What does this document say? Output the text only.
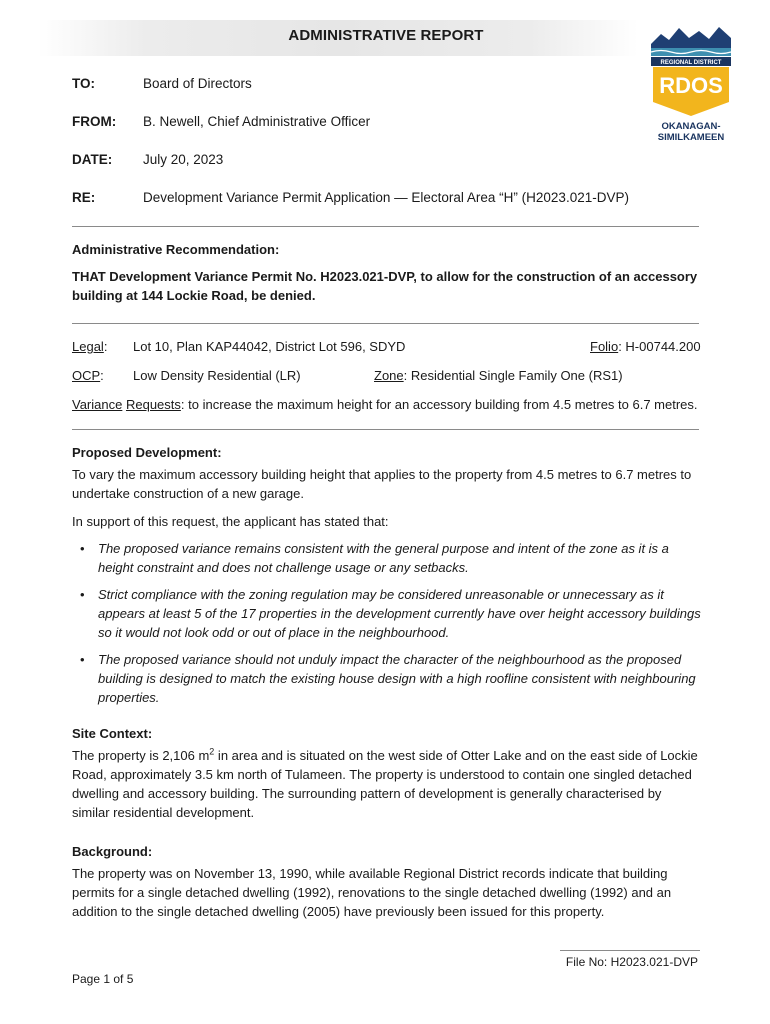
ADMINISTRATIVE REPORT
REGIONAL DISTRICT
RDOS
OKANAGAN-
SIMILKAMEEN
TO:	Board of Directors
FROM: B. Newell, Chief Administrative Officer
DATE: July 20, 2023
RE:	Development Variance Permit Application — Electoral Area “H” (H2023.021-DVP)
Administrative Recommendation:
THAT Development Variance Permit No. H2023.021-DVP, to allow for the construction of an accessory building at 144 Lockie Road, be denied.
Legal: Lot 10, Plan KAP44042, District Lot 596, SDYD	Folio: H-00744.200
OCP: Low Density Residential (LR)	Zone: Residential Single Family One (RS1)
Variance Requests: to increase the maximum height for an accessory building from 4.5 metres to 6.7 metres.
Proposed Development:
To vary the maximum accessory building height that applies to the property from 4.5 metres to 6.7 metres to undertake construction of a new garage.
In support of this request, the applicant has stated that:
• The proposed variance remains consistent with the general purpose and intent of the zone as it is a height constraint and does not challenge usage or any setbacks.
• Strict compliance with the zoning regulation may be considered unreasonable or unnecessary as it appears at least 5 of the 17 properties in the development currently have over height accessory buildings so it would not look odd or out of place in the neighbourhood.
• The proposed variance should not unduly impact the character of the neighbourhood as the proposed building is designed to match the existing house design with a high roofline consistent with neighbouring properties.
Site Context:
The property is 2,106 $m^2$ in area and is situated on the west side of Otter Lake and on the east side of Lockie Road, approximately 3.5 km north of Tulameen. The property is understood to contain one singled detached dwelling and accessory building. The surrounding pattern of development is generally characterised by similar residential development.
Background:
The property was on November 13, 1990, while available Regional District records indicate that building permits for a single detached dwelling (1992), renovations to the single detached dwelling (1992) and an addition to the single detached dwelling (2005) have previously been issued for this property.
File No: H2023.021-DVP
Page 1 of 5
